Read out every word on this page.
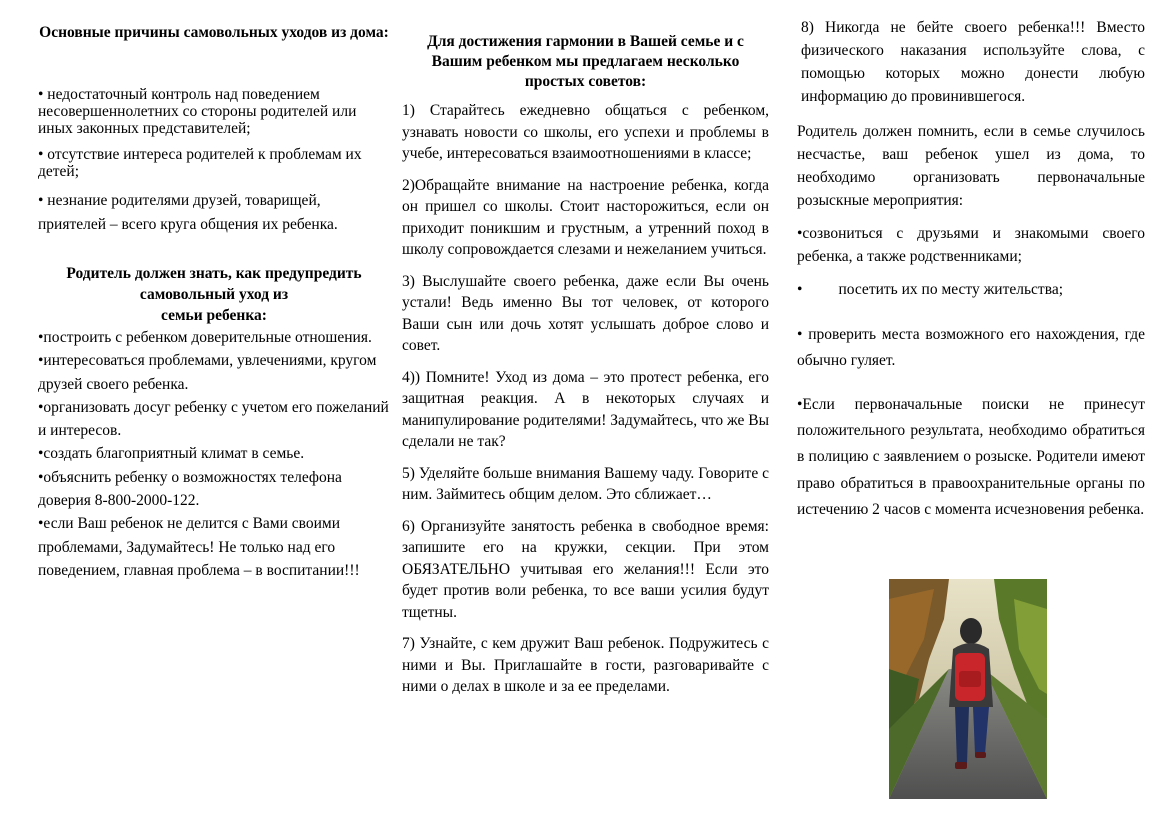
Основные причины самовольных уходов из дома:

• недостаточный контроль над поведением несовершеннолетних со стороны родителей или иных законных представителей;

• отсутствие интереса родителей к проблемам их детей;

• незнание родителями друзей, товарищей, приятелей – всего круга общения их ребенка.

Родитель должен знать, как предупредить самовольный уход из
семьи ребенка:

•построить с ребенком доверительные отношения.

•интересоваться проблемами, увлечениями, кругом друзей своего ребенка.

•организовать досуг ребенку с учетом его пожеланий и интересов.

•создать благоприятный климат в семье.

•объяснить ребенку о возможностях телефона доверия 8-800-2000-122.

•если Ваш ребенок не делится с Вами своими проблемами, Задумайтесь! Не только над его поведением, главная проблема – в воспитании!!!

Для достижения гармонии в Вашей семье и с Вашим ребенком мы предлагаем несколько простых советов:

1) Старайтесь ежедневно общаться с ребенком, узнавать новости со школы, его успехи и проблемы в учебе, интересоваться взаимоотношениями в классе;

2)Обращайте внимание на настроение ребенка, когда он пришел со школы. Стоит насторожиться, если он приходит поникшим и грустным, а утренний поход в школу сопровождается слезами и нежеланием учиться.

3) Выслушайте своего ребенка, даже если Вы очень устали! Ведь именно Вы тот человек, от которого Ваши сын или дочь хотят услышать доброе слово и совет.

4)) Помните! Уход из дома – это протест ребенка, его защитная реакция. А в некоторых случаях и манипулирование родителями! Задумайтесь, что же Вы сделали не так?

5) Уделяйте больше внимания Вашему чаду. Говорите с ним. Займитесь общим делом. Это сближает…

6) Организуйте занятость ребенка в свободное время: запишите его на кружки, секции. При этом ОБЯЗАТЕЛЬНО учитывая его желания!!! Если это будет против воли ребенка, то все ваши усилия будут тщетны.

7) Узнайте, с кем дружит Ваш ребенок. Подружитесь с ними и Вы. Приглашайте в гости, разговаривайте с ними о делах в школе и за ее пределами.

8) Никогда не бейте своего ребенка!!! Вместо физического наказания используйте слова, с помощью которых можно донести любую информацию до провинившегося.

Родитель должен помнить, если в семье случилось несчастье, ваш ребенок ушел из дома, то необходимо организовать первоначальные розыскные мероприятия:

•созвониться с друзьями и знакомыми своего ребенка, а также родственниками;

• посетить их по месту жительства;

• проверить места возможного его нахождения, где обычно гуляет.

•Если первоначальные поиски не принесут положительного результата, необходимо обратиться в полицию с заявлением о розыске. Родители имеют право обратиться в правоохранительные органы по истечению 2 часов с момента исчезновения ребенка.
